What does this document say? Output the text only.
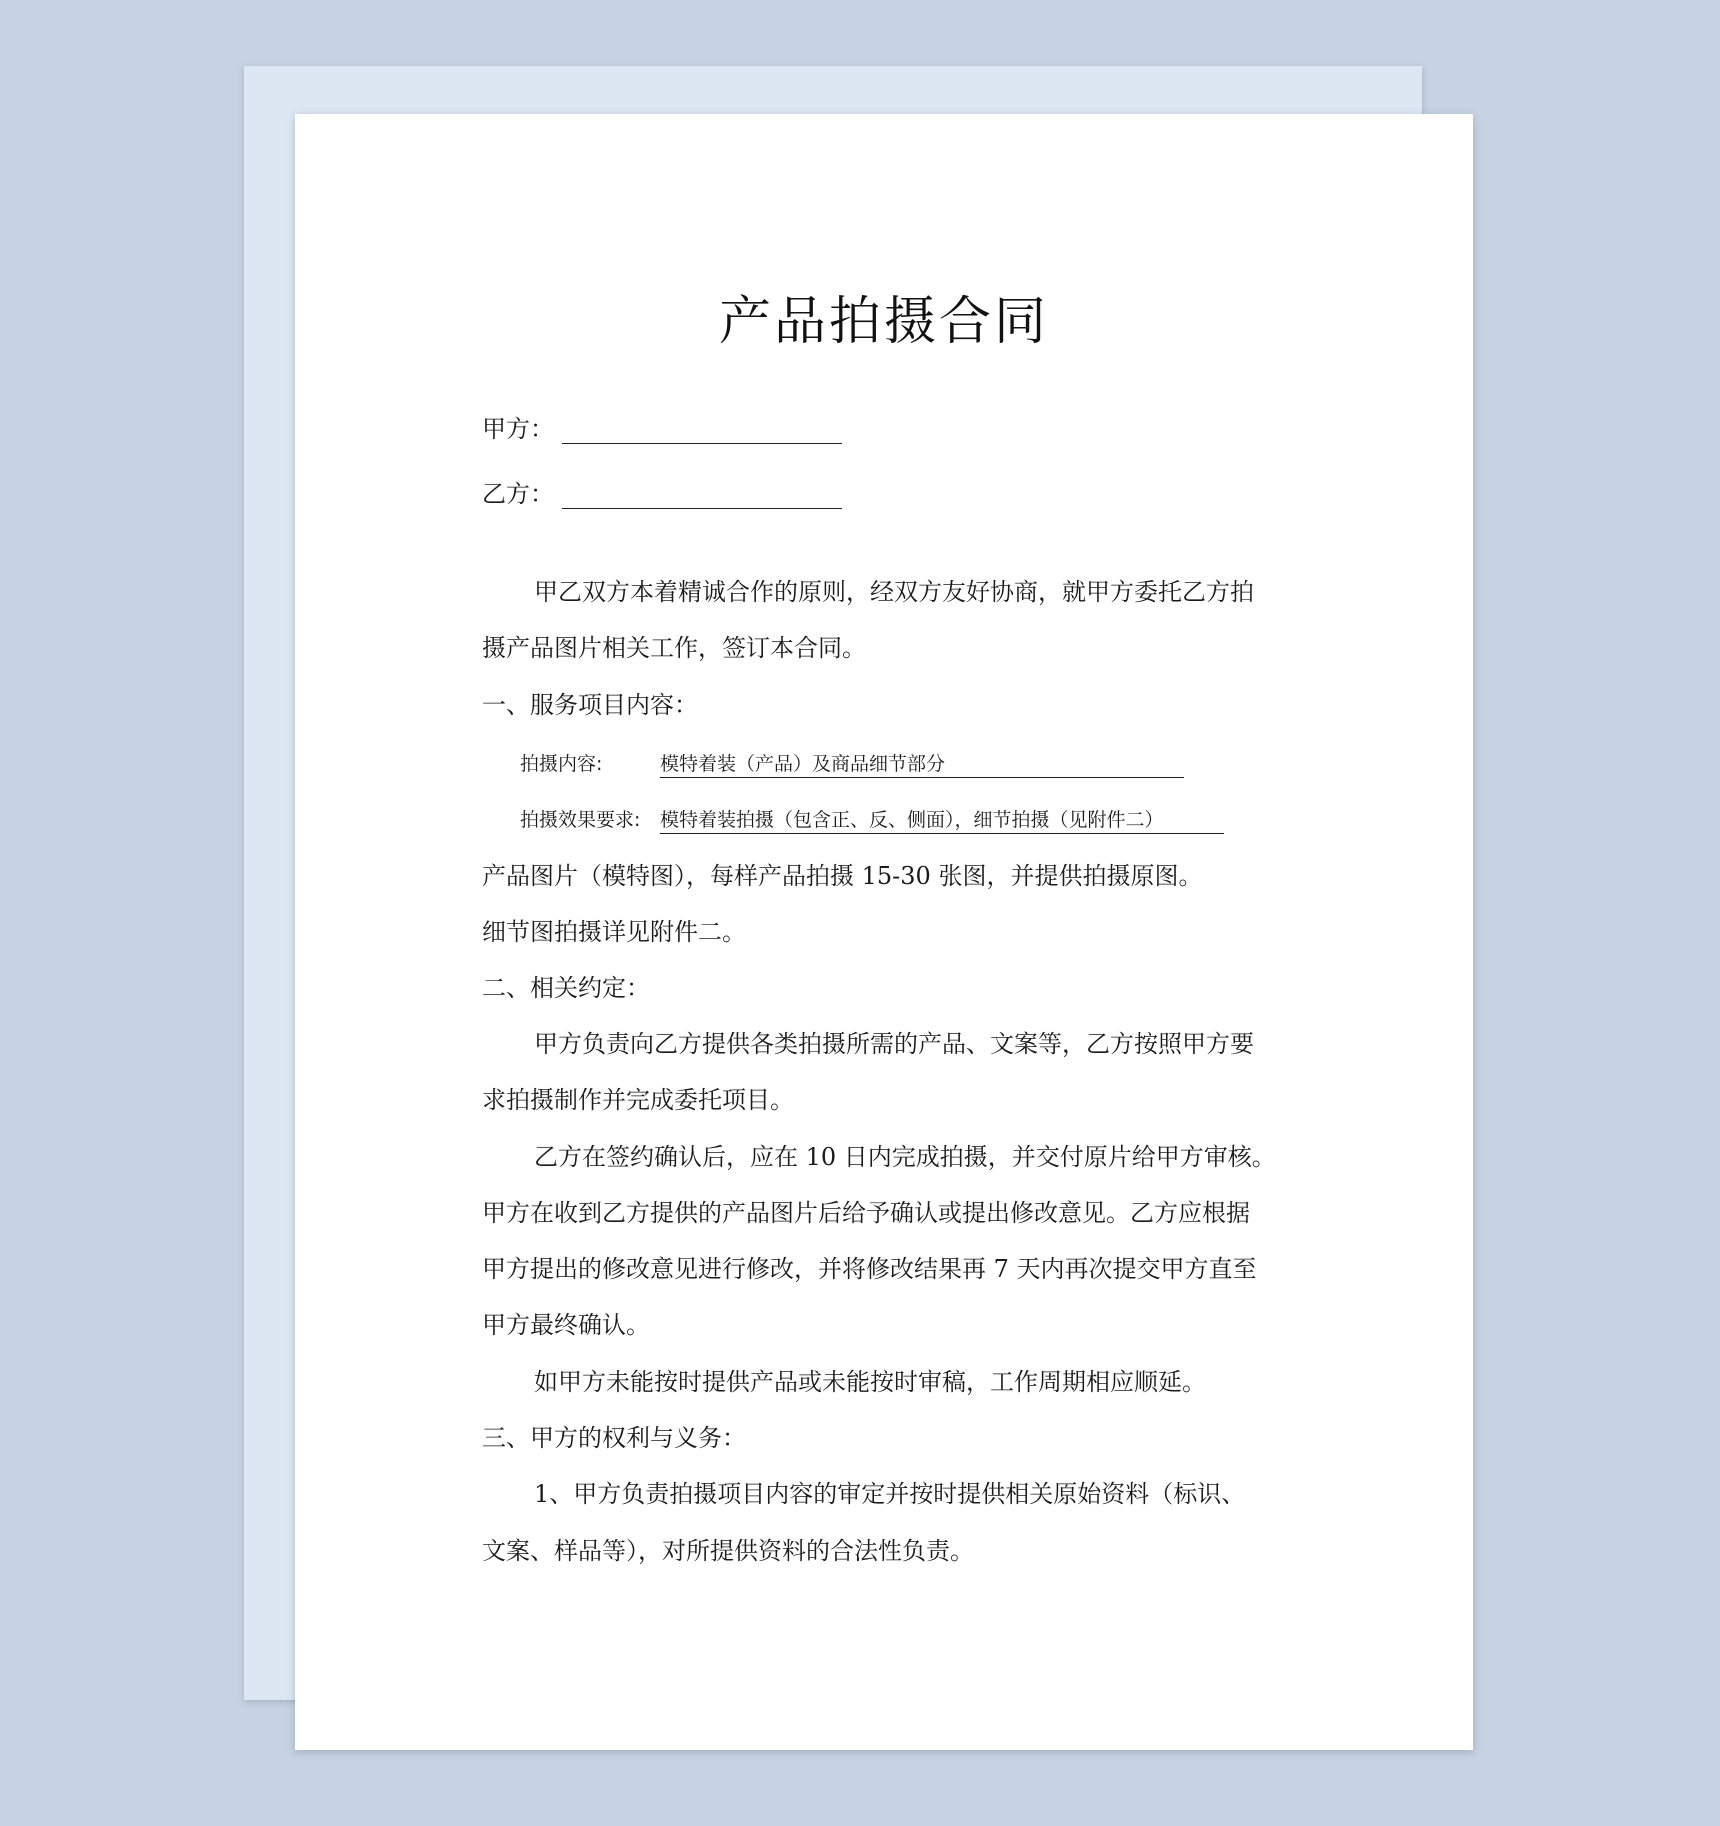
产品拍摄合同
甲方：
乙方：
甲乙双方本着精诚合作的原则，经双方友好协商，就甲方委托乙方拍
摄产品图片相关工作，签订本合同。
一、服务项目内容：
拍摄内容:	模特着装（产品）及商品细节部分
拍摄效果要求:	模特着装拍摄（包含正、反、侧面），细节拍摄（见附件二）
产品图片（模特图），每样产品拍摄 15-30 张图，并提供拍摄原图。
细节图拍摄详见附件二。
二、相关约定：
甲方负责向乙方提供各类拍摄所需的产品、文案等，乙方按照甲方要
求拍摄制作并完成委托项目。
乙方在签约确认后，应在 10 日内完成拍摄，并交付原片给甲方审核。
甲方在收到乙方提供的产品图片后给予确认或提出修改意见。乙方应根据
甲方提出的修改意见进行修改，并将修改结果再 7 天内再次提交甲方直至
甲方最终确认。
如甲方未能按时提供产品或未能按时审稿，工作周期相应顺延。
三、甲方的权利与义务：
1、甲方负责拍摄项目内容的审定并按时提供相关原始资料（标识、
文案、样品等），对所提供资料的合法性负责。
